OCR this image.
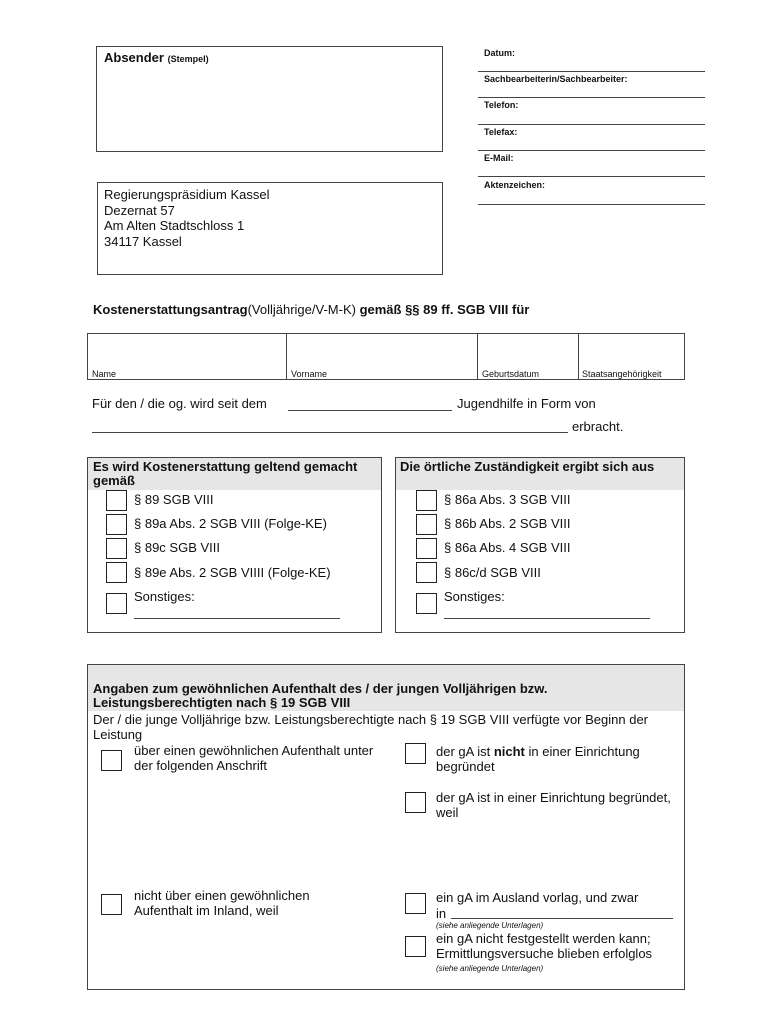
Absender (Stempel)
Datum:
Sachbearbeiterin/Sachbearbeiter:
Telefon:
Telefax:
E-Mail:
Aktenzeichen:
Regierungspräsidium Kassel
Dezernat 57
Am Alten Stadtschloss 1
34117 Kassel
Kostenerstattungsantrag(Volljährige/V-M-K) gemäß §§ 89 ff. SGB VIII für
Name	Vorname	Geburtsdatum	Staatsangehörigkeit
Für den / die og. wird seit dem	Jugendhilfe in Form von
erbracht.
Es wird Kostenerstattung geltend gemacht gemäß
§ 89 SGB VIII
§ 89a Abs. 2 SGB VIII (Folge-KE)
§ 89c SGB VIII
§ 89e Abs. 2 SGB VIIII (Folge-KE)
Sonstiges:
Die örtliche Zuständigkeit ergibt sich aus
§ 86a Abs. 3 SGB VIII
§ 86b Abs. 2 SGB VIII
§ 86a Abs. 4 SGB VIII
§ 86c/d SGB VIII
Sonstiges:
Angaben zum gewöhnlichen Aufenthalt des / der jungen Volljährigen bzw. Leistungsberechtigten nach § 19 SGB VIII
Der / die junge Volljährige bzw. Leistungsberechtigte nach § 19 SGB VIII verfügte vor Beginn der Leistung
über einen gewöhnlichen Aufenthalt unter der folgenden Anschrift
nicht über einen gewöhnlichen Aufenthalt im Inland, weil
der gA ist nicht in einer Einrichtung begründet
der gA ist in einer Einrichtung begründet, weil
ein gA im Ausland vorlag, und zwar
in
(siehe anliegende Unterlagen)
ein gA nicht festgestellt werden kann; Ermittlungsversuche blieben erfolglos
(siehe anliegende Unterlagen)
